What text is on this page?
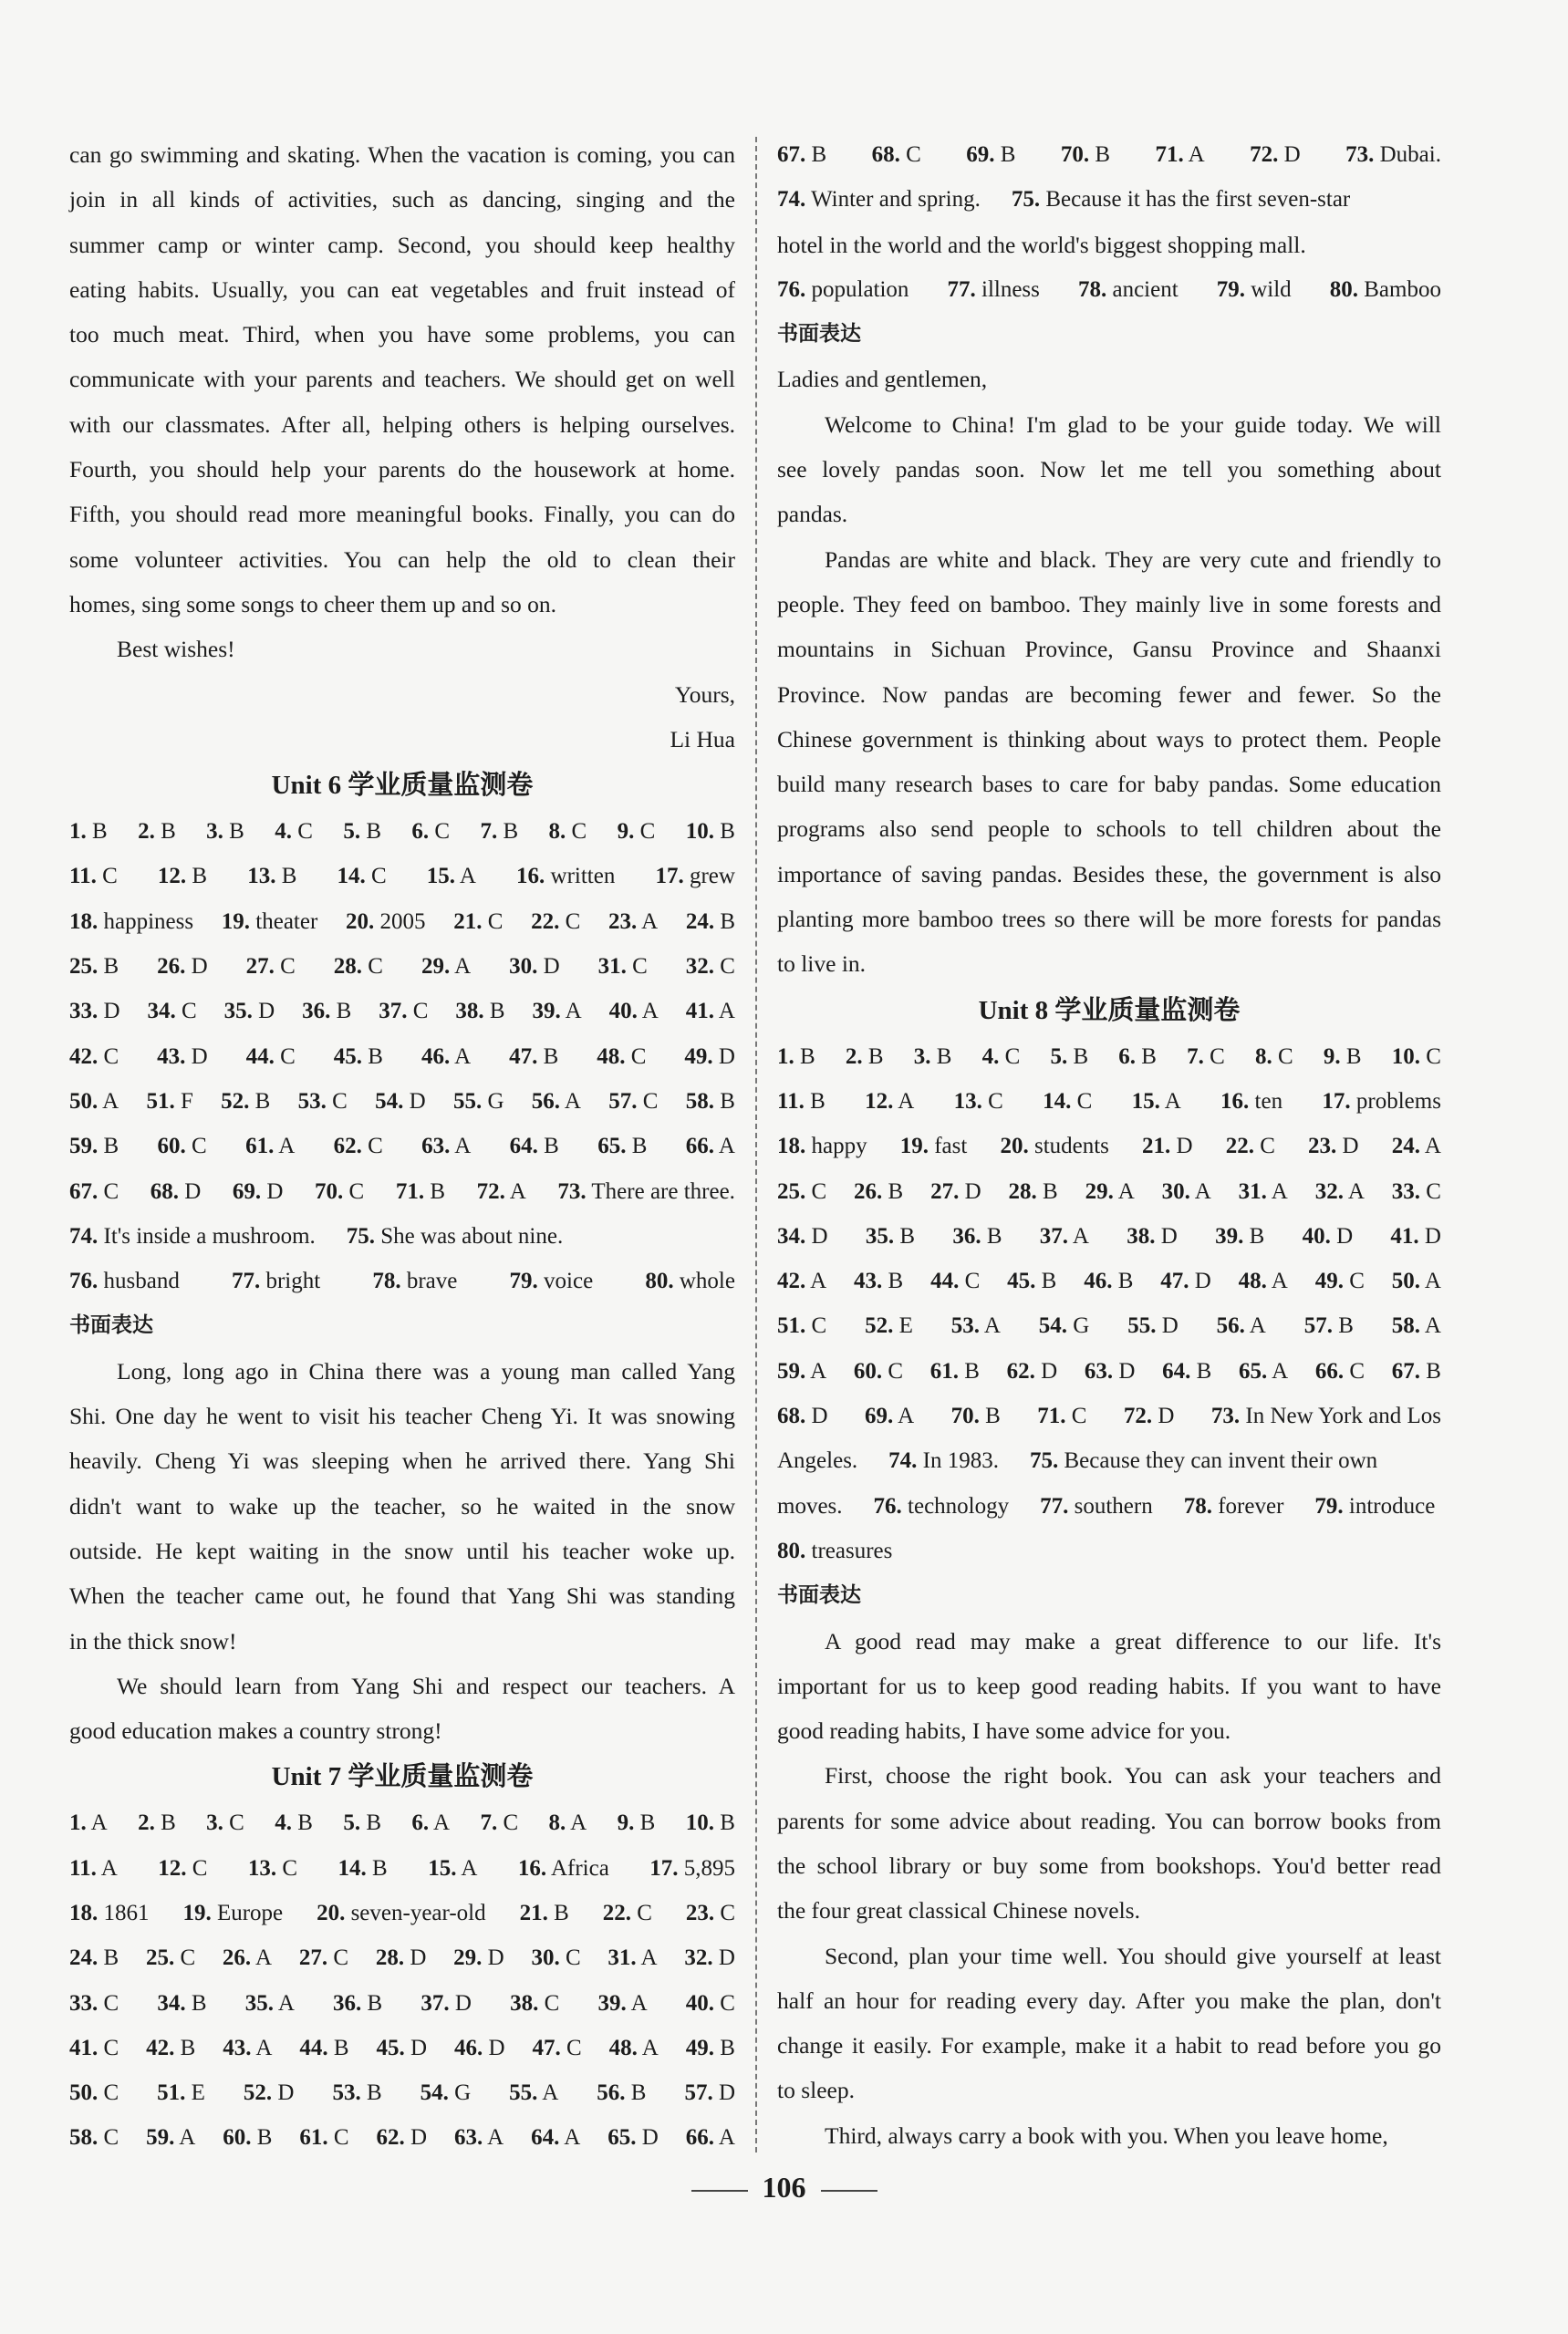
can go swimming and skating. When the vacation is coming, you can
join in all kinds of activities, such as dancing, singing and the
summer camp or winter camp. Second, you should keep healthy
eating habits. Usually, you can eat vegetables and fruit instead of
too much meat. Third, when you have some problems, you can
communicate with your parents and teachers. We should get on well
with our classmates. After all, helping others is helping ourselves.
Fourth, you should help your parents do the housework at home.
Fifth, you should read more meaningful books. Finally, you can do
some volunteer activities. You can help the old to clean their
homes, sing some songs to cheer them up and so on.
Best wishes!
Yours,
Li Hua
Unit 6 学业质量监测卷
1. B 2. B 3. B 4. C 5. B 6. C 7. B 8. C 9. C 10. B
11. C 12. B 13. B 14. C 15. A 16. written 17. grew
18. happiness 19. theater 20. 2005 21. C 22. C 23. A 24. B
25. B 26. D 27. C 28. C 29. A 30. D 31. C 32. C
33. D 34. C 35. D 36. B 37. C 38. B 39. A 40. A 41. A
42. C 43. D 44. C 45. B 46. A 47. B 48. C 49. D
50. A 51. F 52. B 53. C 54. D 55. G 56. A 57. C 58. B
59. B 60. C 61. A 62. C 63. A 64. B 65. B 66. A
67. C 68. D 69. D 70. C 71. B 72. A 73. There are three.
74. It's inside a mushroom. 75. She was about nine.
76. husband 77. bright 78. brave 79. voice 80. whole
书面表达
Long, long ago in China there was a young man called Yang
Shi. One day he went to visit his teacher Cheng Yi. It was snowing
heavily. Cheng Yi was sleeping when he arrived there. Yang Shi
didn't want to wake up the teacher, so he waited in the snow
outside. He kept waiting in the snow until his teacher woke up.
When the teacher came out, he found that Yang Shi was standing
in the thick snow!
We should learn from Yang Shi and respect our teachers. A
good education makes a country strong!
Unit 7 学业质量监测卷
1. A 2. B 3. C 4. B 5. B 6. A 7. C 8. A 9. B 10. B
11. A 12. C 13. C 14. B 15. A 16. Africa 17. 5,895
18. 1861 19. Europe 20. seven-year-old 21. B 22. C 23. C
24. B 25. C 26. A 27. C 28. D 29. D 30. C 31. A 32. D
33. C 34. B 35. A 36. B 37. D 38. C 39. A 40. C
41. C 42. B 43. A 44. B 45. D 46. D 47. C 48. A 49. B
50. C 51. E 52. D 53. B 54. G 55. A 56. B 57. D
58. C 59. A 60. B 61. C 62. D 63. A 64. A 65. D 66. A
67. B 68. C 69. B 70. B 71. A 72. D 73. Dubai.
74. Winter and spring. 75. Because it has the first seven-star
hotel in the world and the world's biggest shopping mall.
76. population 77. illness 78. ancient 79. wild 80. Bamboo
书面表达
Ladies and gentlemen,
Welcome to China! I'm glad to be your guide today. We will
see lovely pandas soon. Now let me tell you something about
pandas.
Pandas are white and black. They are very cute and friendly to
people. They feed on bamboo. They mainly live in some forests and
mountains in Sichuan Province, Gansu Province and Shaanxi
Province. Now pandas are becoming fewer and fewer. So the
Chinese government is thinking about ways to protect them. People
build many research bases to care for baby pandas. Some education
programs also send people to schools to tell children about the
importance of saving pandas. Besides these, the government is also
planting more bamboo trees so there will be more forests for pandas
to live in.
Unit 8 学业质量监测卷
1. B 2. B 3. B 4. C 5. B 6. B 7. C 8. C 9. B 10. C
11. B 12. A 13. C 14. C 15. A 16. ten 17. problems
18. happy 19. fast 20. students 21. D 22. C 23. D 24. A
25. C 26. B 27. D 28. B 29. A 30. A 31. A 32. A 33. C
34. D 35. B 36. B 37. A 38. D 39. B 40. D 41. D
42. A 43. B 44. C 45. B 46. B 47. D 48. A 49. C 50. A
51. C 52. E 53. A 54. G 55. D 56. A 57. B 58. A
59. A 60. C 61. B 62. D 63. D 64. B 65. A 66. C 67. B
68. D 69. A 70. B 71. C 72. D 73. In New York and Los
Angeles. 74. In 1983. 75. Because they can invent their own
moves. 76. technology 77. southern 78. forever 79. introduce
80. treasures
书面表达
A good read may make a great difference to our life. It's
important for us to keep good reading habits. If you want to have
good reading habits, I have some advice for you.
First, choose the right book. You can ask your teachers and
parents for some advice about reading. You can borrow books from
the school library or buy some from bookshops. You'd better read
the four great classical Chinese novels.
Second, plan your time well. You should give yourself at least
half an hour for reading every day. After you make the plan, don't
change it easily. For example, make it a habit to read before you go
to sleep.
Third, always carry a book with you. When you leave home,
106
